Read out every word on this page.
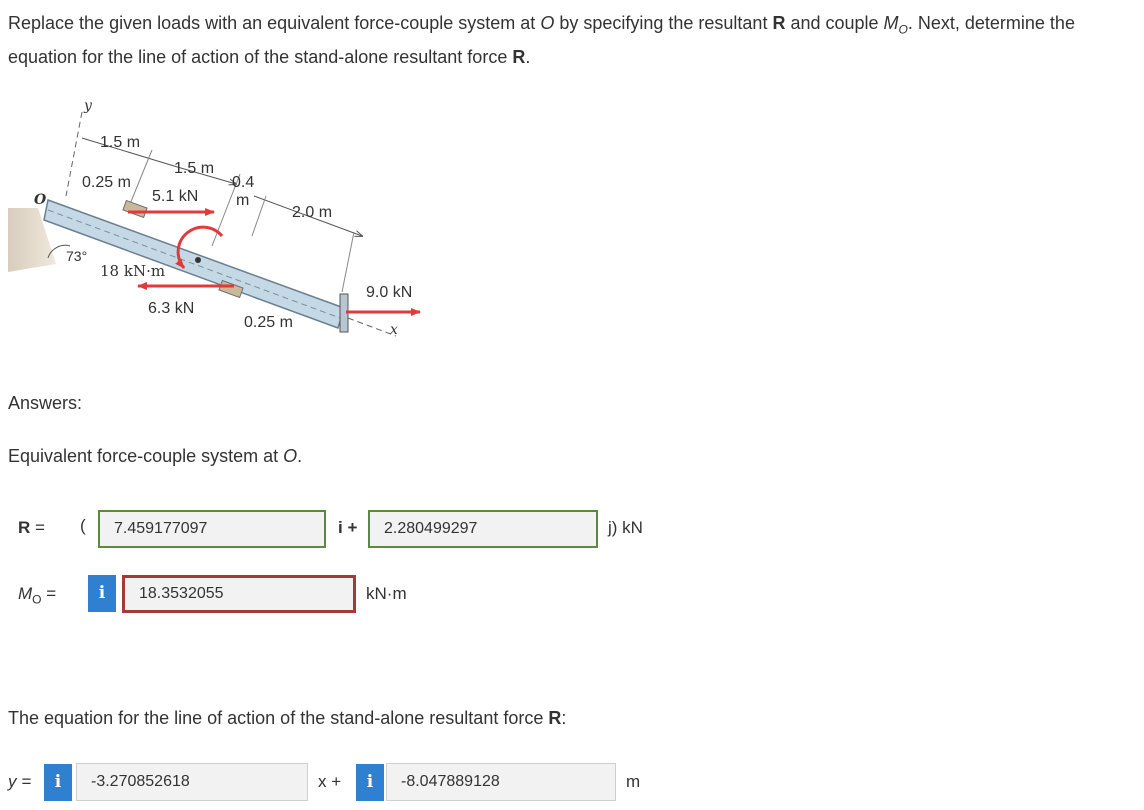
Replace the given loads with an equivalent force-couple system at O by specifying the resultant R and couple $M_O$. Next, determine the equation for the line of action of the stand-alone resultant force R.
y
x
O
1.5 m
0.25 m
1.5 m
5.1 kN
0.4
m
2.0 m
73°
18 kN·m
9.0 kN
6.3 kN
0.25 m
Answers:
Equivalent force-couple system at O.
R = (	7.459177097	i +	2.280499297	j) kN
$M_O$ =	i	18.3532055	kN·m
The equation for the line of action of the stand-alone resultant force R:
y =	i	-3.270852618	x +	i	-8.047889128	m
